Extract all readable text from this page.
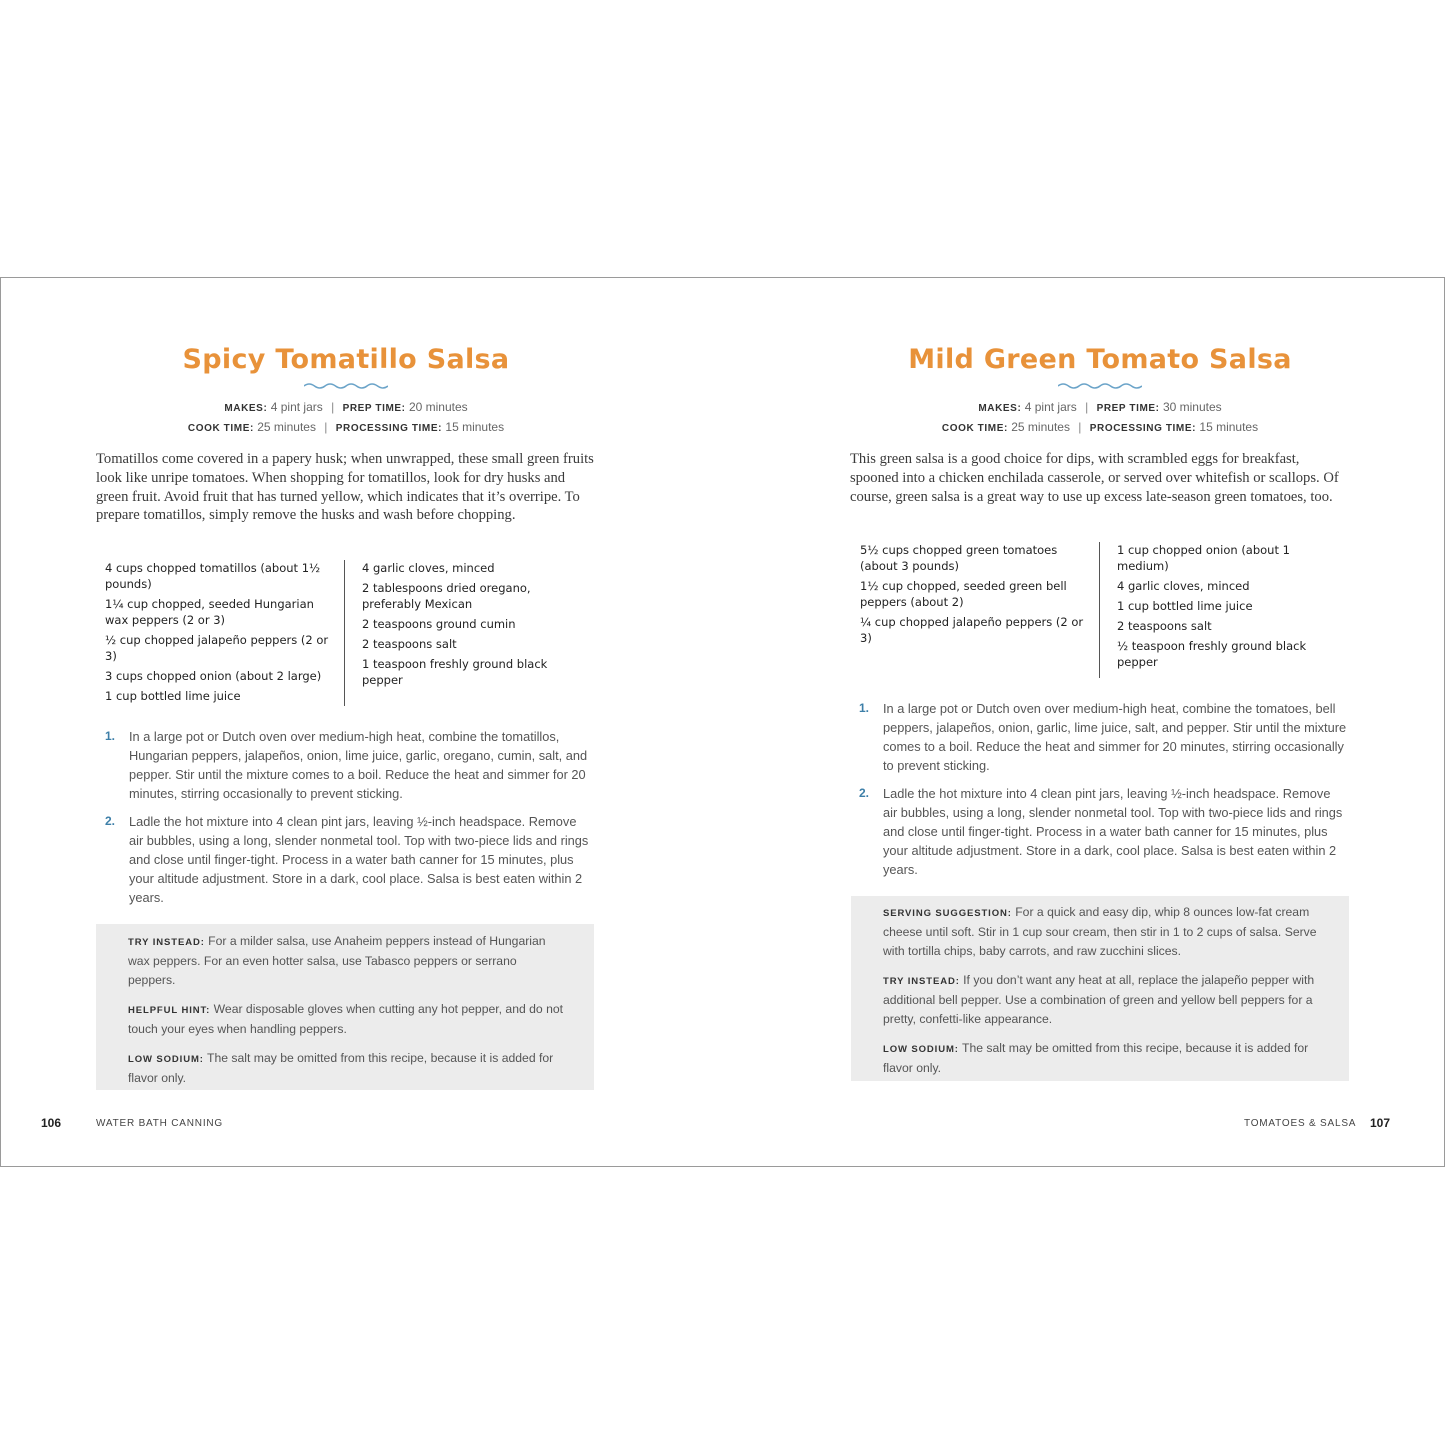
Spicy Tomatillo Salsa
MAKES: 4 pint jars | PREP TIME: 20 minutes
COOK TIME: 25 minutes | PROCESSING TIME: 15 minutes
Tomatillos come covered in a papery husk; when unwrapped, these small green fruits look like unripe tomatoes. When shopping for tomatillos, look for dry husks and green fruit. Avoid fruit that has turned yellow, which indicates that it’s overripe. To prepare tomatillos, simply remove the husks and wash before chopping.
4 cups chopped tomatillos (about 1½ pounds)
1¼ cup chopped, seeded Hungarian wax peppers (2 or 3)
½ cup chopped jalapeño peppers (2 or 3)
3 cups chopped onion (about 2 large)
1 cup bottled lime juice
4 garlic cloves, minced
2 tablespoons dried oregano, preferably Mexican
2 teaspoons ground cumin
2 teaspoons salt
1 teaspoon freshly ground black pepper
1.	In a large pot or Dutch oven over medium-high heat, combine the tomatillos, Hungarian peppers, jalapeños, onion, lime juice, garlic, oregano, cumin, salt, and pepper. Stir until the mixture comes to a boil. Reduce the heat and simmer for 20 minutes, stirring occasionally to prevent sticking.
2.	Ladle the hot mixture into 4 clean pint jars, leaving ½-inch headspace. Remove air bubbles, using a long, slender nonmetal tool. Top with two-piece lids and rings and close until finger-tight. Process in a water bath canner for 15 minutes, plus your altitude adjustment. Store in a dark, cool place. Salsa is best eaten within 2 years.
TRY INSTEAD: For a milder salsa, use Anaheim peppers instead of Hungarian wax peppers. For an even hotter salsa, use Tabasco peppers or serrano peppers.
HELPFUL HINT: Wear disposable gloves when cutting any hot pepper, and do not touch your eyes when handling peppers.
LOW SODIUM: The salt may be omitted from this recipe, because it is added for flavor only.
106	WATER BATH CANNING
Mild Green Tomato Salsa
MAKES: 4 pint jars | PREP TIME: 30 minutes
COOK TIME: 25 minutes | PROCESSING TIME: 15 minutes
This green salsa is a good choice for dips, with scrambled eggs for breakfast, spooned into a chicken enchilada casserole, or served over whitefish or scallops. Of course, green salsa is a great way to use up excess late-season green tomatoes, too.
5½ cups chopped green tomatoes (about 3 pounds)
1½ cup chopped, seeded green bell peppers (about 2)
¼ cup chopped jalapeño peppers (2 or 3)
1 cup chopped onion (about 1 medium)
4 garlic cloves, minced
1 cup bottled lime juice
2 teaspoons salt
½ teaspoon freshly ground black pepper
1.	In a large pot or Dutch oven over medium-high heat, combine the tomatoes, bell peppers, jalapeños, onion, garlic, lime juice, salt, and pepper. Stir until the mixture comes to a boil. Reduce the heat and simmer for 20 minutes, stirring occasionally to prevent sticking.
2.	Ladle the hot mixture into 4 clean pint jars, leaving ½-inch headspace. Remove air bubbles, using a long, slender nonmetal tool. Top with two-piece lids and rings and close until finger-tight. Process in a water bath canner for 15 minutes, plus your altitude adjustment. Store in a dark, cool place. Salsa is best eaten within 2 years.
SERVING SUGGESTION: For a quick and easy dip, whip 8 ounces low-fat cream cheese until soft. Stir in 1 cup sour cream, then stir in 1 to 2 cups of salsa. Serve with tortilla chips, baby carrots, and raw zucchini slices.
TRY INSTEAD: If you don’t want any heat at all, replace the jalapeño pepper with additional bell pepper. Use a combination of green and yellow bell peppers for a pretty, confetti-like appearance.
LOW SODIUM: The salt may be omitted from this recipe, because it is added for flavor only.
TOMATOES & SALSA 107
